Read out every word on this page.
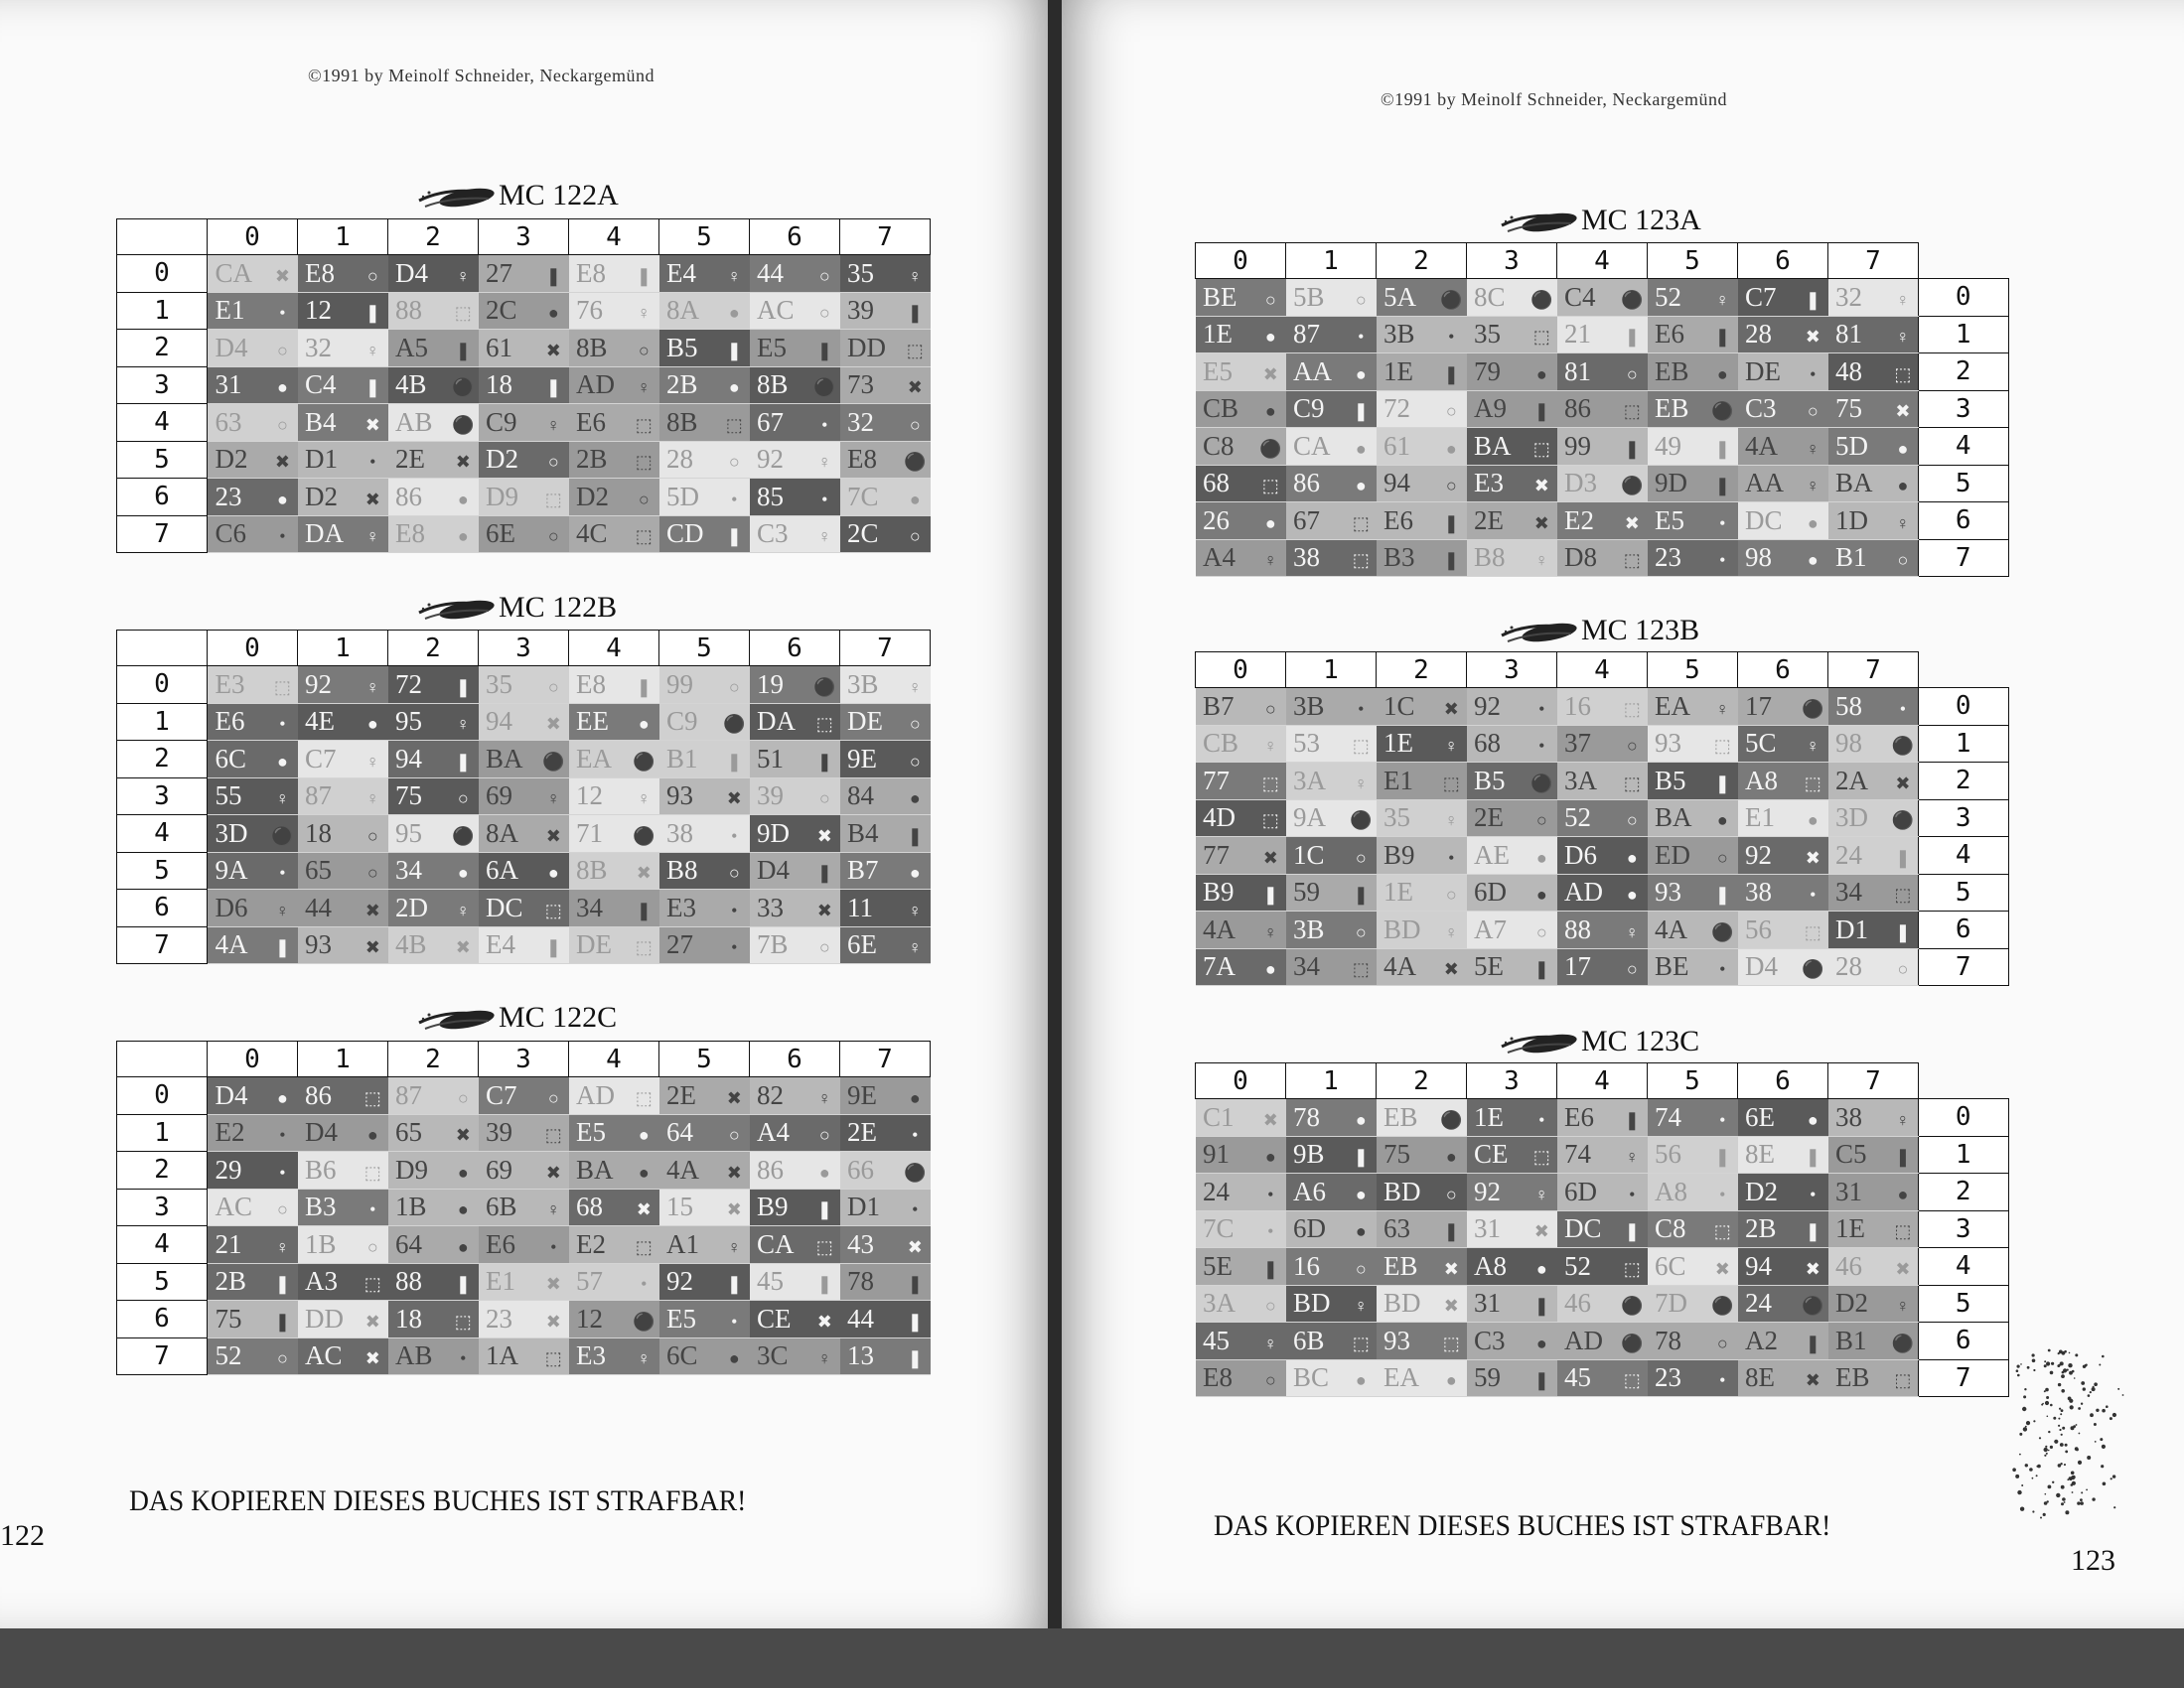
©1991 by Meinolf Schneider, Neckargemünd
©1991 by Meinolf Schneider, Neckargemünd
MC 122A
	0	1	2	3	4	5	6	7
0	CA ✖	E8 ○	D4 ♀	27 ❚	E8 ❚	E4 ♀	44 ○	35 ♀
1	E1 •	12 ❚	88 ⬚	2C ●	76 ♀	8A ●	AC ○	39 ❚
2	D4 ○	32 ♀	A5 ❚	61 ✖	8B ○	B5 ❚	E5 ❚	DD ⬚
3	31 ●	C4 ❚	4B ⚫	18 ❚	AD ♀	2B ●	8B ⚫	73 ✖
4	63 ○	B4 ✖	AB ⚫	C9 ♀	E6 ⬚	8B ⬚	67 •	32 ○
5	D2 ✖	D1 •	2E ✖	D2 ○	2B ⬚	28 ○	92 ♀	E8 ⚫
6	23 ●	D2 ✖	86 ●	D9 ⬚	D2 ○	5D •	85 •	7C ●
7	C6 •	DA ♀	E8 ●	6E ○	4C ⬚	CD ❚	C3 ♀	2C ○
MC 122B
	0	1	2	3	4	5	6	7
0	E3 ⬚	92 ♀	72 ❚	35 ○	E8 ❚	99 ○	19 ⚫	3B ♀
1	E6 •	4E ●	95 ♀	94 ✖	EE ●	C9 ⚫	DA ⬚	DE ○
2	6C ●	C7 ♀	94 ❚	BA ⚫	EA ⚫	B1 ❚	51 ❚	9E ○
3	55 ♀	87 ♀	75 ○	69 ♀	12 ♀	93 ✖	39 ○	84 ●
4	3D ⚫	18 ○	95 ⚫	8A ✖	71 ⚫	38 •	9D ✖	B4 ❚
5	9A •	65 ○	34 ●	6A ●	8B ✖	B8 ○	D4 ❚	B7 ●
6	D6 ♀	44 ✖	2D ♀	DC ⬚	34 ❚	E3 •	33 ✖	11 ♀
7	4A ❚	93 ✖	4B ✖	E4 ❚	DE ⬚	27 •	7B ○	6E ♀
MC 122C
	0	1	2	3	4	5	6	7
0	D4 ●	86 ⬚	87 ○	C7 ○	AD ⬚	2E ✖	82 ♀	9E ●
1	E2 •	D4 ●	65 ✖	39 ⬚	E5 ●	64 ○	A4 ○	2E •
2	29 •	B6 ⬚	D9 ●	69 ✖	BA ●	4A ✖	86 ●	66 ⚫
3	AC ○	B3 •	1B ●	6B ♀	68 ✖	15 ✖	B9 ❚	D1 •
4	21 ♀	1B ○	64 ●	E6 •	E2 ⬚	A1 ♀	CA ⬚	43 ✖
5	2B ❚	A3 ⬚	88 ❚	E1 ✖	57 •	92 ❚	45 ❚	78 ❚
6	75 ❚	DD ✖	18 ⬚	23 ✖	12 ⚫	E5 •	CE ✖	44 ❚
7	52 ○	AC ✖	AB •	1A ⬚	E3 ♀	6C ●	3C ♀	13 ❚
MC 123A
0	1	2	3	4	5	6	7	
BE ○	5B ○	5A ⚫	8C ⚫	C4 ⚫	52 ♀	C7 ❚	32 ♀	0
1E ●	87 •	3B •	35 ⬚	21 ❚	E6 ❚	28 ✖	81 ♀	1
E5 ✖	AA ●	1E ❚	79 ●	81 ○	EB ●	DE •	48 ⬚	2
CB ●	C9 ❚	72 ○	A9 ❚	86 ⬚	EB ⚫	C3 ○	75 ✖	3
C8 ⚫	CA ●	61 ●	BA ⬚	99 ❚	49 ❚	4A ♀	5D ●	4
68 ⬚	86 ●	94 ○	E3 ✖	D3 ⚫	9D ❚	AA ♀	BA ●	5
26 ●	67 ⬚	E6 ❚	2E ✖	E2 ✖	E5 •	DC ●	1D ♀	6
A4 ♀	38 ⬚	B3 ❚	B8 ♀	D8 ⬚	23 •	98 ●	B1 ○	7
MC 123B
0	1	2	3	4	5	6	7	
B7 ○	3B •	1C ✖	92 •	16 ⬚	EA ♀	17 ⚫	58 •	0
CB ♀	53 ⬚	1E ♀	68 •	37 ○	93 ⬚	5C ♀	98 ⚫	1
77 ⬚	3A ♀	E1 ⬚	B5 ⚫	3A ⬚	B5 ❚	A8 ⬚	2A ✖	2
4D ⬚	9A ⚫	35 ♀	2E ○	52 ○	BA ●	E1 ●	3D ⚫	3
77 ✖	1C ○	B9 •	AE ●	D6 ●	ED ○	92 ✖	24 ❚	4
B9 ❚	59 ❚	1E ○	6D ●	AD ●	93 ❚	38 •	34 ⬚	5
4A ♀	3B ○	BD ♀	A7 ○	88 ♀	4A ⚫	56 ⬚	D1 ❚	6
7A ●	34 ⬚	4A ✖	5E ❚	17 ○	BE •	D4 ⚫	28 ○	7
MC 123C
0	1	2	3	4	5	6	7	
C1 ✖	78 ●	EB ⚫	1E •	E6 ❚	74 •	6E ●	38 ♀	0
91 ●	9B ❚	75 ●	CE ⬚	74 ♀	56 ❚	8E ❚	C5 ❚	1
24 •	A6 ●	BD ○	92 ♀	6D •	A8 •	D2 •	31 ●	2
7C •	6D ●	63 ❚	31 ✖	DC ❚	C8 ⬚	2B ❚	1E ⬚	3
5E ❚	16 ○	EB ✖	A8 ●	52 ⬚	6C ✖	94 ✖	46 ✖	4
3A ○	BD ♀	BD ✖	31 ❚	46 ⚫	7D ⚫	24 ⚫	D2 ♀	5
45 ♀	6B ⬚	93 ⬚	C3 ●	AD ⚫	78 ○	A2 ❚	B1 ⚫	6
E8 ○	BC ●	EA ●	59 ❚	45 ⬚	23 •	8E ✖	EB ⬚	7
DAS KOPIEREN DIESES BUCHES IST STRAFBAR!
DAS KOPIEREN DIESES BUCHES IST STRAFBAR!
122
123
